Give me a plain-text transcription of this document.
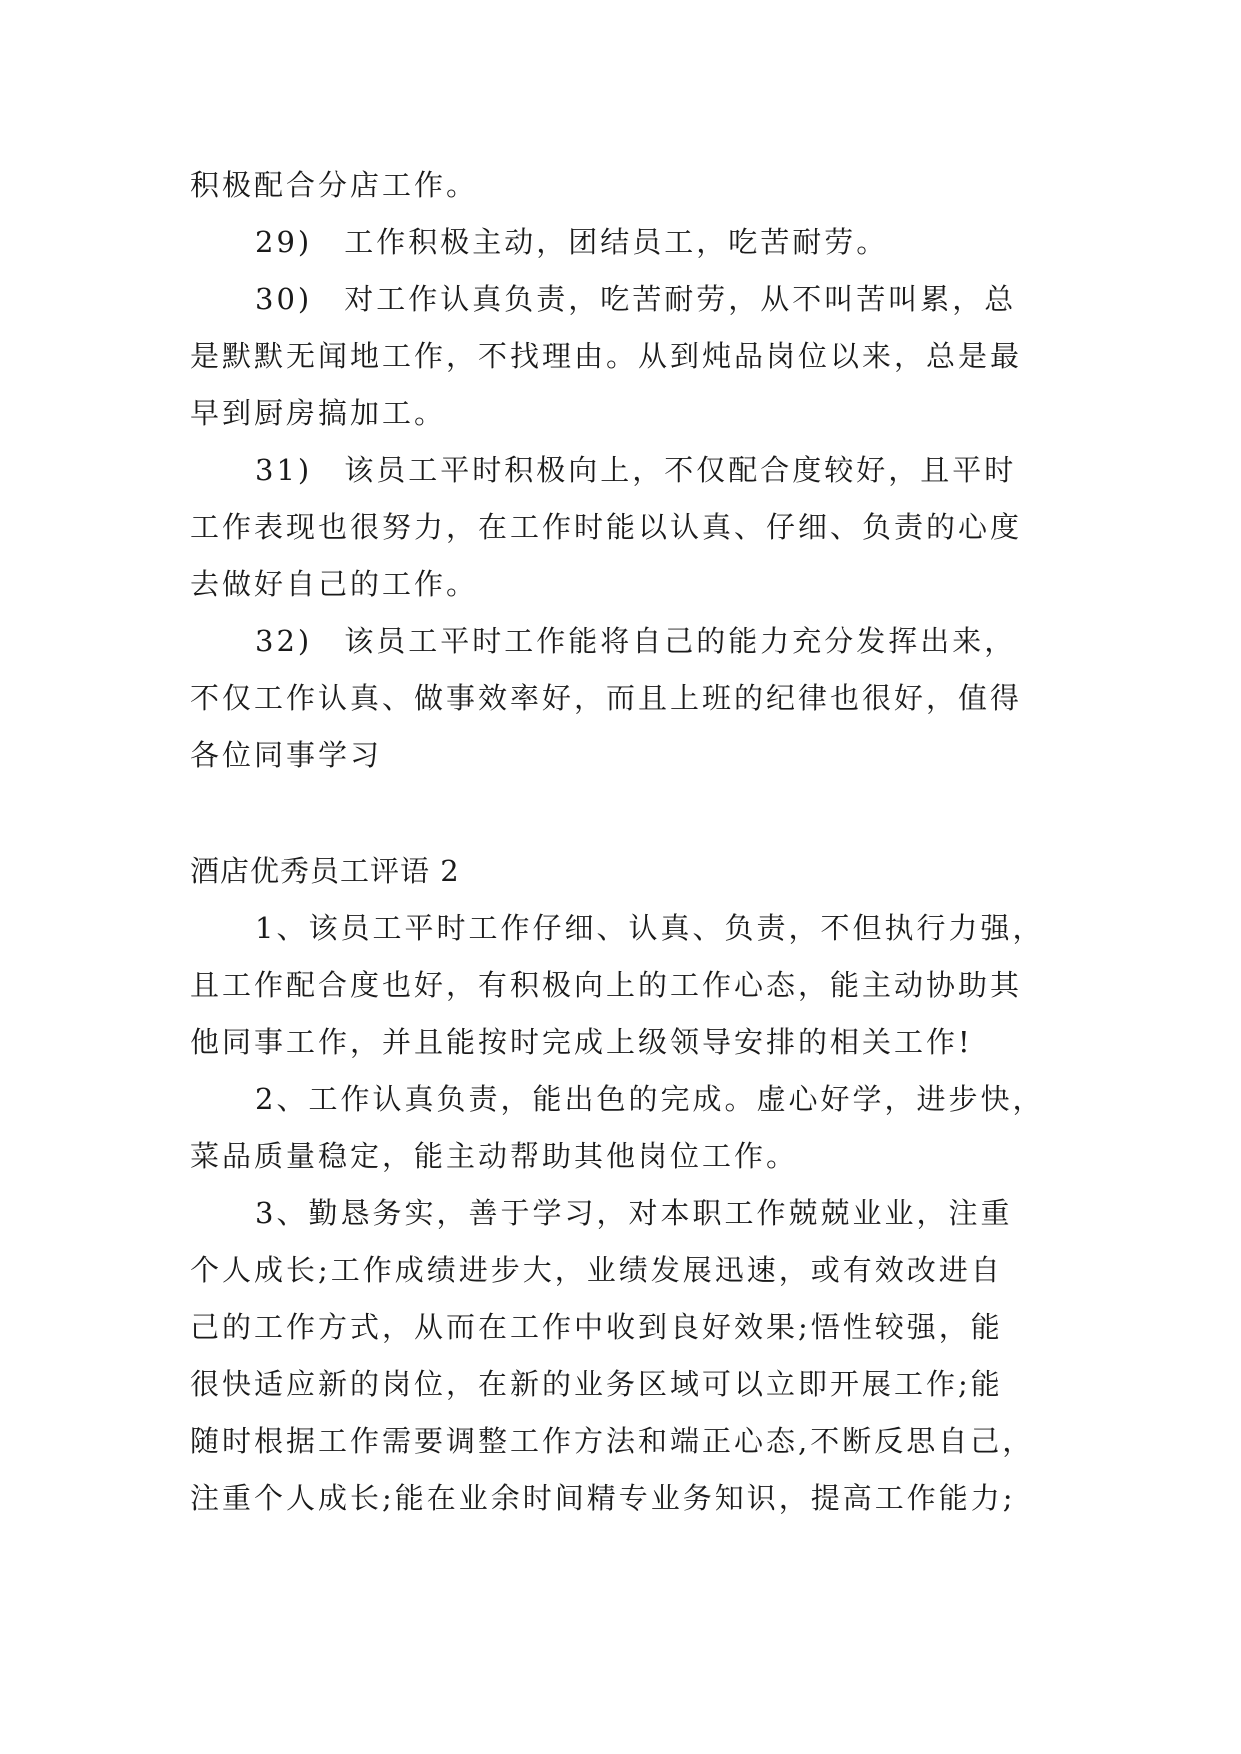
积极配合分店工作。
29)　工作积极主动，团结员工，吃苦耐劳。
30)　对工作认真负责，吃苦耐劳，从不叫苦叫累，总
是默默无闻地工作，不找理由。从到炖品岗位以来，总是最
早到厨房搞加工。
31)　该员工平时积极向上，不仅配合度较好，且平时
工作表现也很努力，在工作时能以认真、仔细、负责的心度
去做好自己的工作。
32)　该员工平时工作能将自己的能力充分发挥出来，
不仅工作认真、做事效率好，而且上班的纪律也很好，值得
各位同事学习
酒店优秀员工评语 2
1、该员工平时工作仔细、认真、负责，不但执行力强，
且工作配合度也好，有积极向上的工作心态，能主动协助其
他同事工作，并且能按时完成上级领导安排的相关工作!
2、工作认真负责，能出色的完成。虚心好学，进步快，
菜品质量稳定，能主动帮助其他岗位工作。
3、勤恳务实，善于学习，对本职工作兢兢业业，注重
个人成长;工作成绩进步大，业绩发展迅速，或有效改进自
己的工作方式，从而在工作中收到良好效果;悟性较强，能
很快适应新的岗位，在新的业务区域可以立即开展工作;能
随时根据工作需要调整工作方法和端正心态,不断反思自己，
注重个人成长;能在业余时间精专业务知识，提高工作能力;
